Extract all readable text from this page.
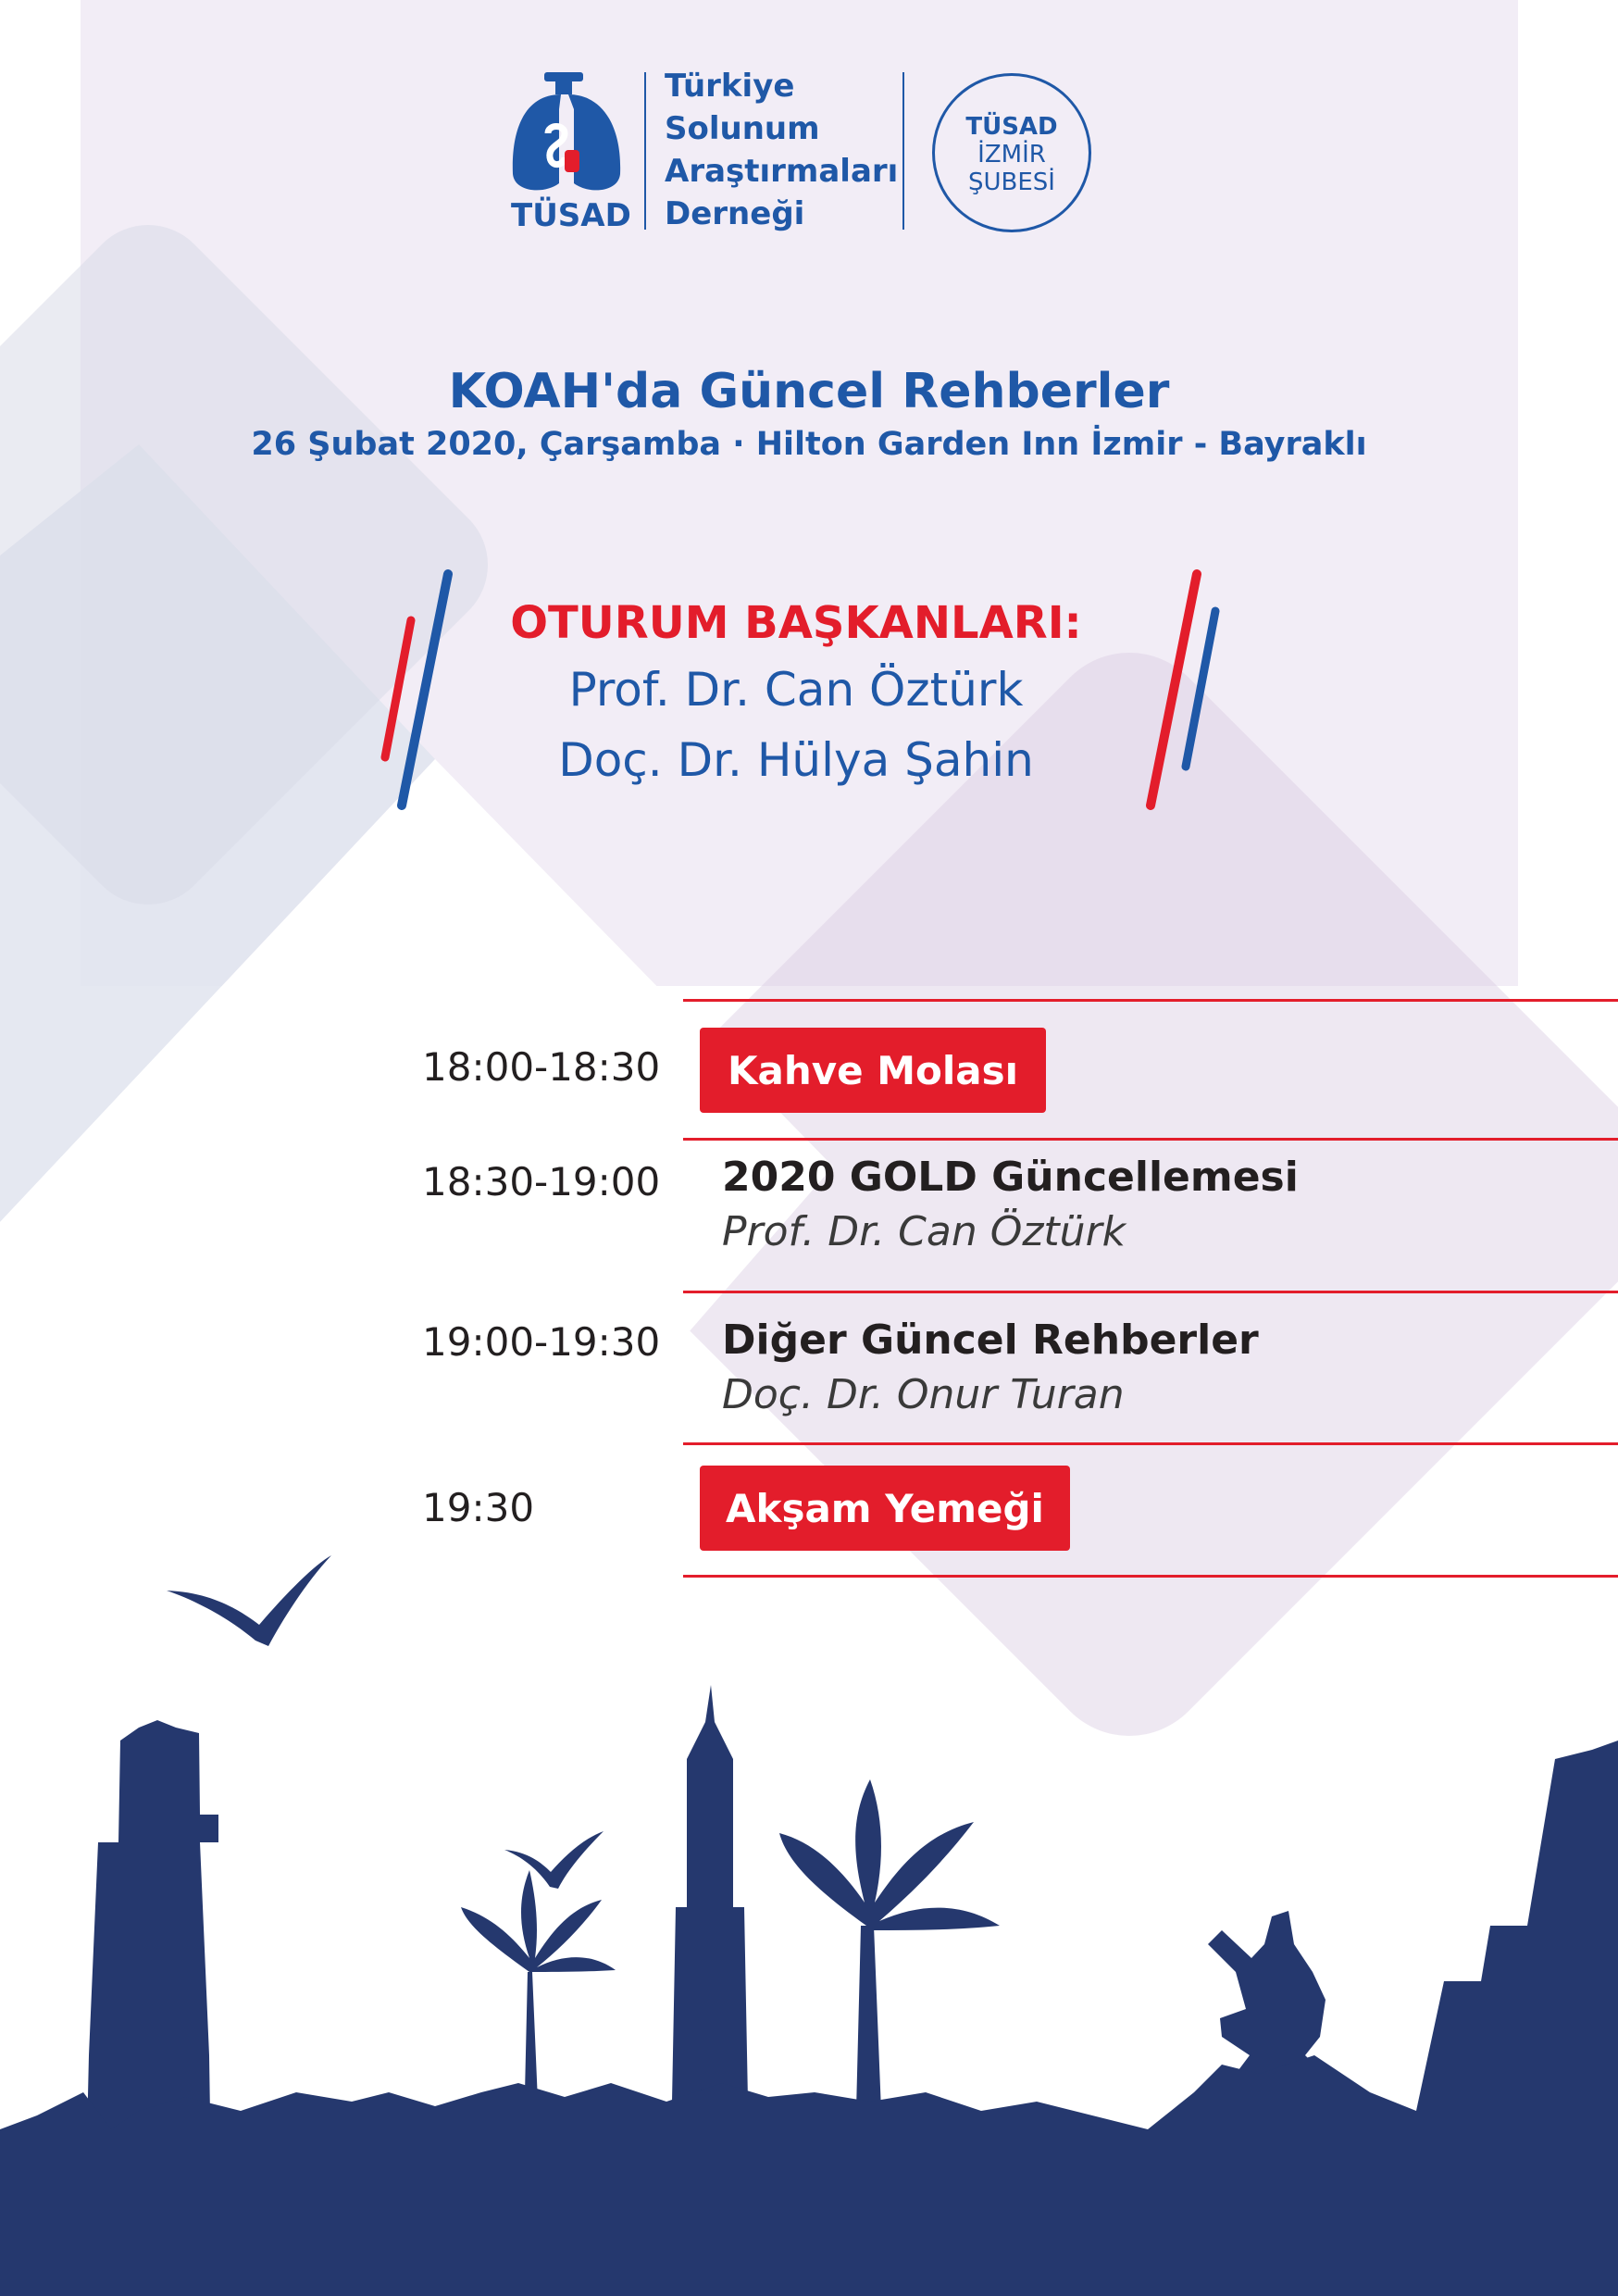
TÜSAD
Türkiye
Solunum
Araştırmaları
Derneği
TÜSAD
İZMİR
ŞUBESİ
KOAH'da Güncel Rehberler
26 Şubat 2020, Çarşamba · Hilton Garden Inn İzmir - Bayraklı
OTURUM BAŞKANLARI:
Prof. Dr. Can Öztürk
Doç. Dr. Hülya Şahin
18:00-18:30	Kahve Molası
18:30-19:00 2020 GOLD Güncellemesi
Prof. Dr. Can Öztürk
19:00-19:30 Diğer Güncel Rehberler
Doç. Dr. Onur Turan
19:30	Akşam Yemeği
